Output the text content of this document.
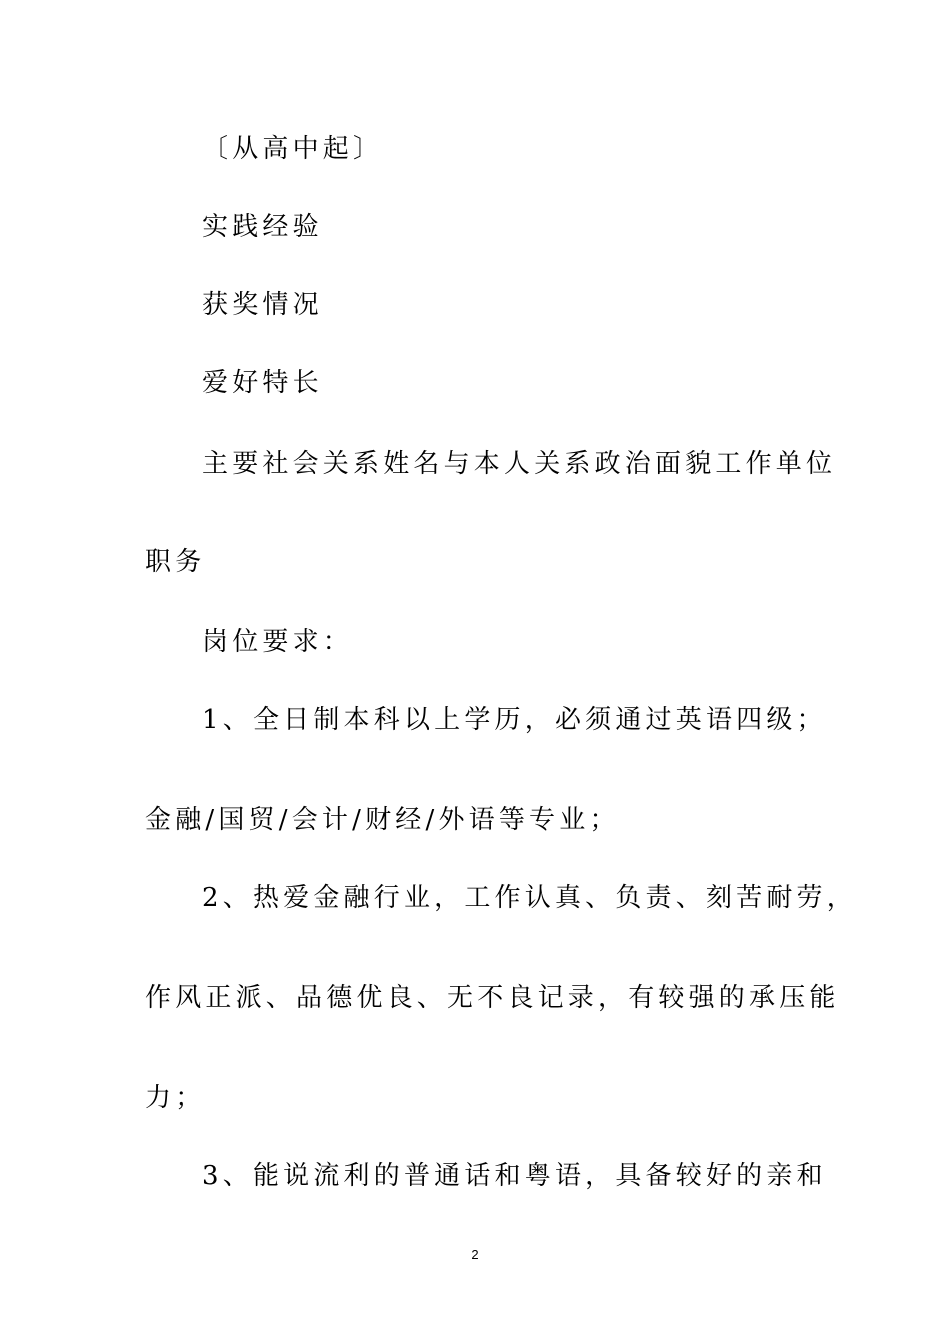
〔从高中起〕
实践经验
获奖情况
爱好特长
主要社会关系姓名与本人关系政治面貌工作单位
职务
岗位要求：
1、全日制本科以上学历，必须通过英语四级；
金融/国贸/会计/财经/外语等专业；
2、热爱金融行业，工作认真、负责、刻苦耐劳，
作风正派、品德优良、无不良记录，有较强的承压能
力；
3、能说流利的普通话和粤语，具备较好的亲和
2
